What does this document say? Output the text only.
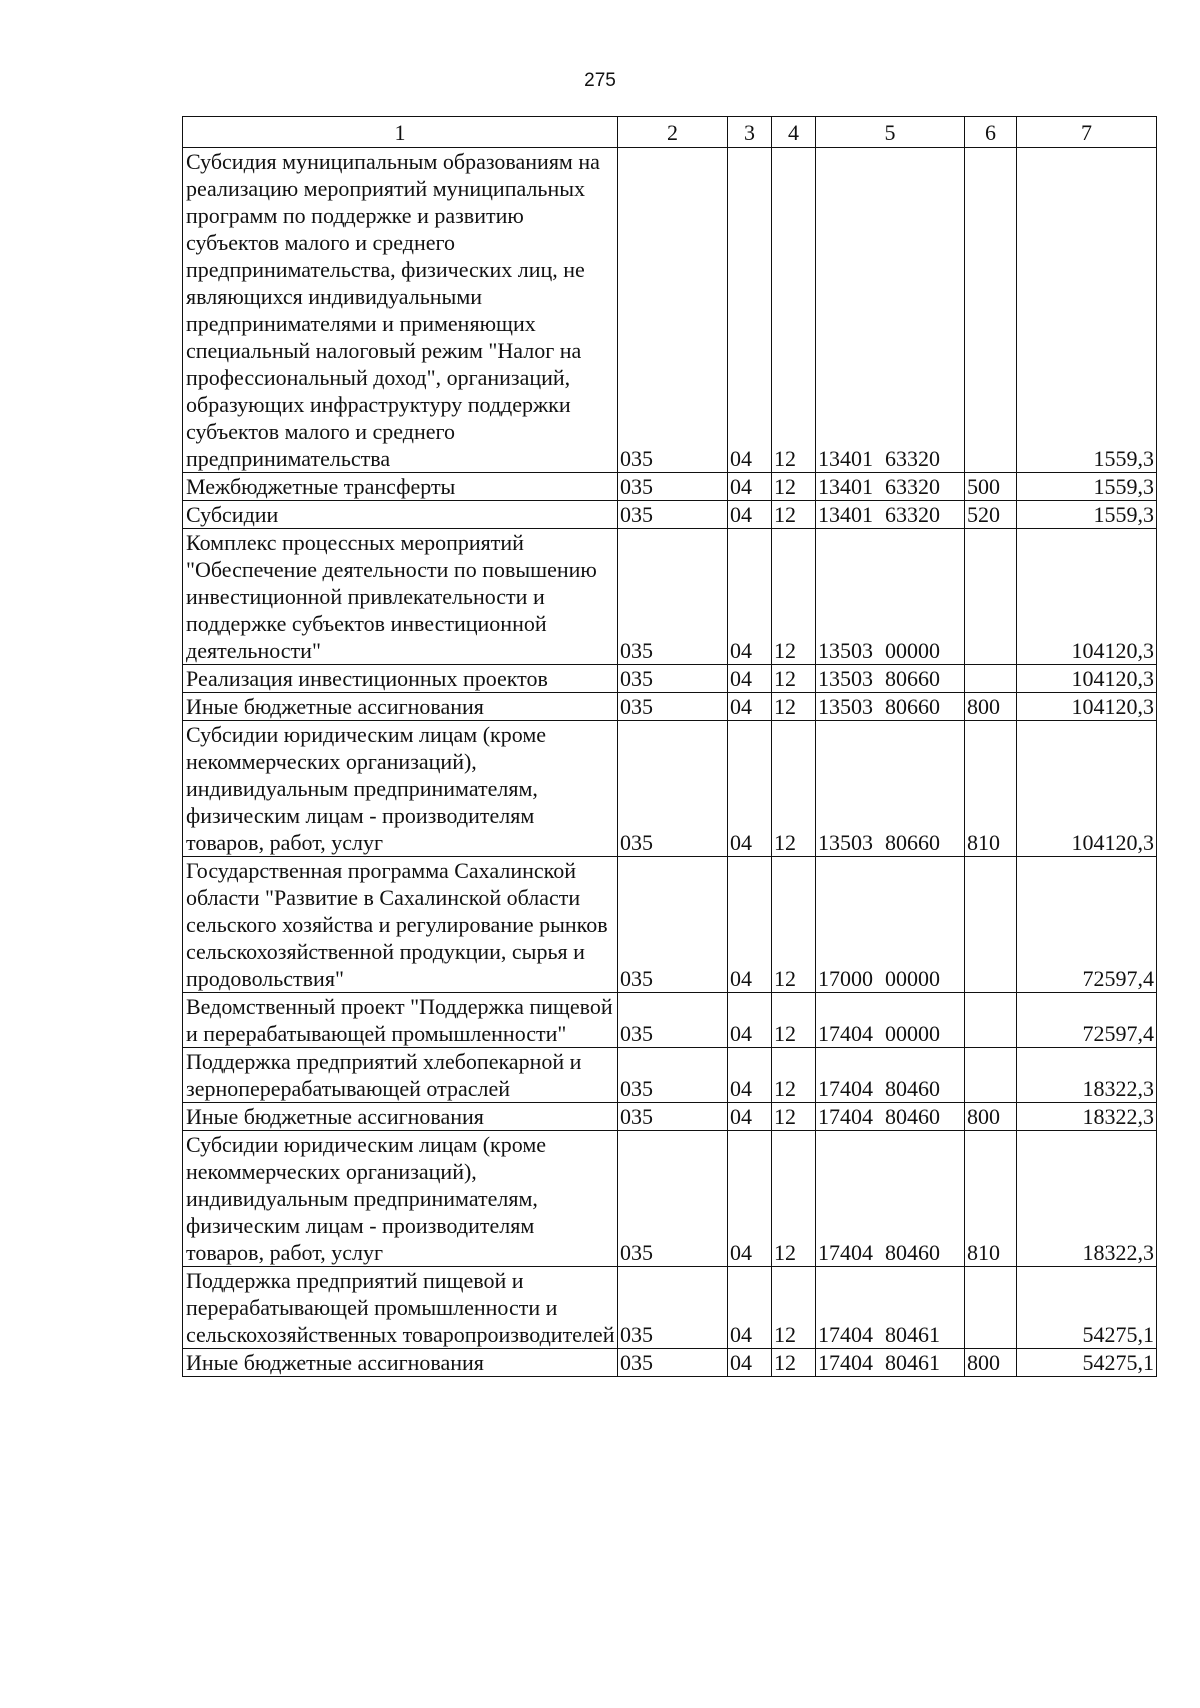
275
1	2	3	4	5	6	7
Субсидия муниципальным образованиям на реализацию мероприятий муниципальных программ по поддержке и развитию субъектов малого и среднего предпринимательства, физических лиц, не являющихся индивидуальными предпринимателями и применяющих специальный налоговый режим "Налог на профессиональный доход", организаций, образующих инфраструктуру поддержки субъектов малого и среднего предпринимательства	035	04	12	13401 63320		1559,3
Межбюджетные трансферты	035	04	12	13401 63320	500	1559,3
Субсидии	035	04	12	13401 63320	520	1559,3
Комплекс процессных мероприятий "Обеспечение деятельности по повышению инвестиционной привлекательности и поддержке субъектов инвестиционной деятельности"	035	04	12	13503 00000		104120,3
Реализация инвестиционных проектов	035	04	12	13503 80660		104120,3
Иные бюджетные ассигнования	035	04	12	13503 80660	800	104120,3
Субсидии юридическим лицам (кроме некоммерческих организаций), индивидуальным предпринимателям, физическим лицам - производителям товаров, работ, услуг	035	04	12	13503 80660	810	104120,3
Государственная программа Сахалинской области "Развитие в Сахалинской области сельского хозяйства и регулирование рынков сельскохозяйственной продукции, сырья и продовольствия"	035	04	12	17000 00000		72597,4
Ведомственный проект "Поддержка пищевой и перерабатывающей промышленности"	035	04	12	17404 00000		72597,4
Поддержка предприятий хлебопекарной и зерноперерабатывающей отраслей	035	04	12	17404 80460		18322,3
Иные бюджетные ассигнования	035	04	12	17404 80460	800	18322,3
Субсидии юридическим лицам (кроме некоммерческих организаций), индивидуальным предпринимателям, физическим лицам - производителям товаров, работ, услуг	035	04	12	17404 80460	810	18322,3
Поддержка предприятий пищевой и перерабатывающей промышленности и сельскохозяйственных товаропроизводителей	035	04	12	17404 80461		54275,1
Иные бюджетные ассигнования	035	04	12	17404 80461	800	54275,1
